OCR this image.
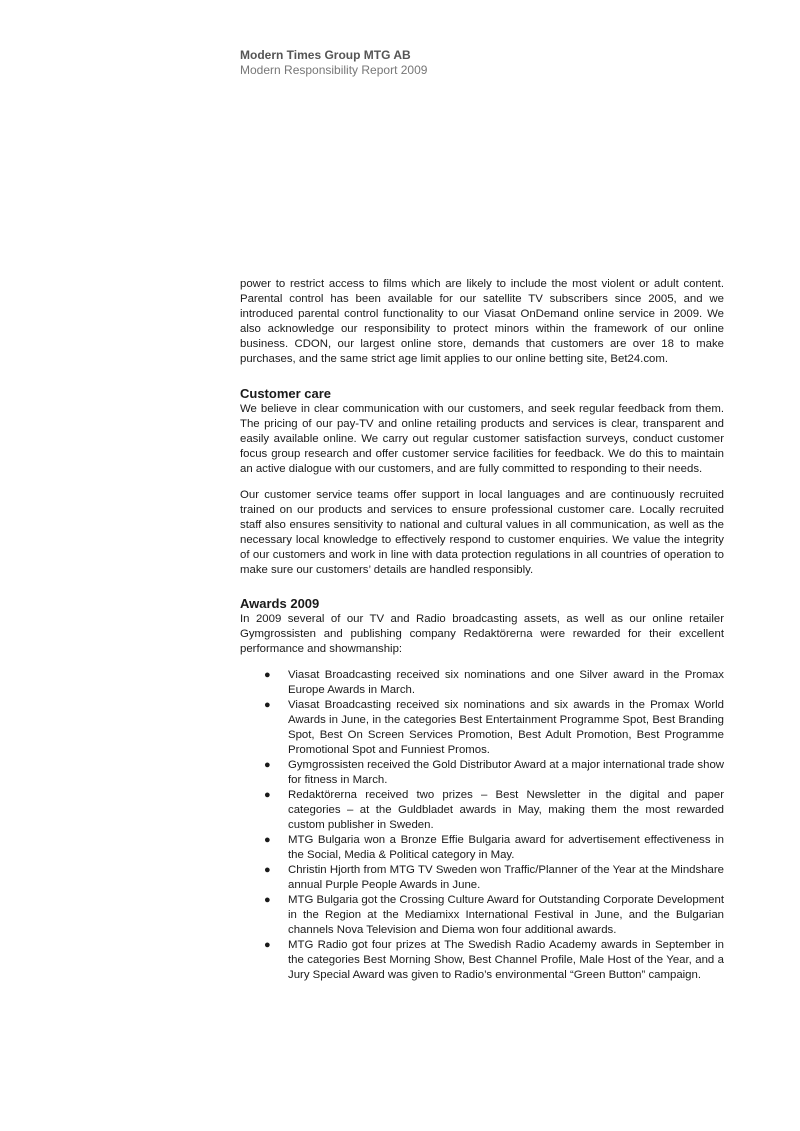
Modern Times Group MTG AB

Modern Responsibility Report 2009

power to restrict access to films which are likely to include the most violent or adult content. Parental control has been available for our satellite TV subscribers since 2005, and we introduced parental control functionality to our Viasat OnDemand online service in 2009. We also acknowledge our responsibility to protect minors within the framework of our online business. CDON, our largest online store, demands that customers are over 18 to make purchases, and the same strict age limit applies to our online betting site, Bet24.com.

Customer care

We believe in clear communication with our customers, and seek regular feedback from them. The pricing of our pay-TV and online retailing products and services is clear, transparent and easily available online. We carry out regular customer satisfaction surveys, conduct customer focus group research and offer customer service facilities for feedback. We do this to maintain an active dialogue with our customers, and are fully committed to responding to their needs.

Our customer service teams offer support in local languages and are continuously recruited trained on our products and services to ensure professional customer care. Locally recruited staff also ensures sensitivity to national and cultural values in all communication, as well as the necessary local knowledge to effectively respond to customer enquiries. We value the integrity of our customers and work in line with data protection regulations in all countries of operation to make sure our customers’ details are handled responsibly.

Awards 2009

In 2009 several of our TV and Radio broadcasting assets, as well as our online retailer Gymgrossisten and publishing company Redaktörerna were rewarded for their excellent performance and showmanship:

● Viasat Broadcasting received six nominations and one Silver award in the Promax Europe Awards in March.
● Viasat Broadcasting received six nominations and six awards in the Promax World Awards in June, in the categories Best Entertainment Programme Spot, Best Branding Spot, Best On Screen Services Promotion, Best Adult Promotion, Best Programme Promotional Spot and Funniest Promos.
● Gymgrossisten received the Gold Distributor Award at a major international trade show for fitness in March.
● Redaktörerna received two prizes – Best Newsletter in the digital and paper categories – at the Guldbladet awards in May, making them the most rewarded custom publisher in Sweden.
● MTG Bulgaria won a Bronze Effie Bulgaria award for advertisement effectiveness in the Social, Media & Political category in May.
● Christin Hjorth from MTG TV Sweden won Traffic/Planner of the Year at the Mindshare annual Purple People Awards in June.
● MTG Bulgaria got the Crossing Culture Award for Outstanding Corporate Development in the Region at the Mediamixx International Festival in June, and the Bulgarian channels Nova Television and Diema won four additional awards.
● MTG Radio got four prizes at The Swedish Radio Academy awards in September in the categories Best Morning Show, Best Channel Profile, Male Host of the Year, and a Jury Special Award was given to Radio’s environmental “Green Button” campaign.
